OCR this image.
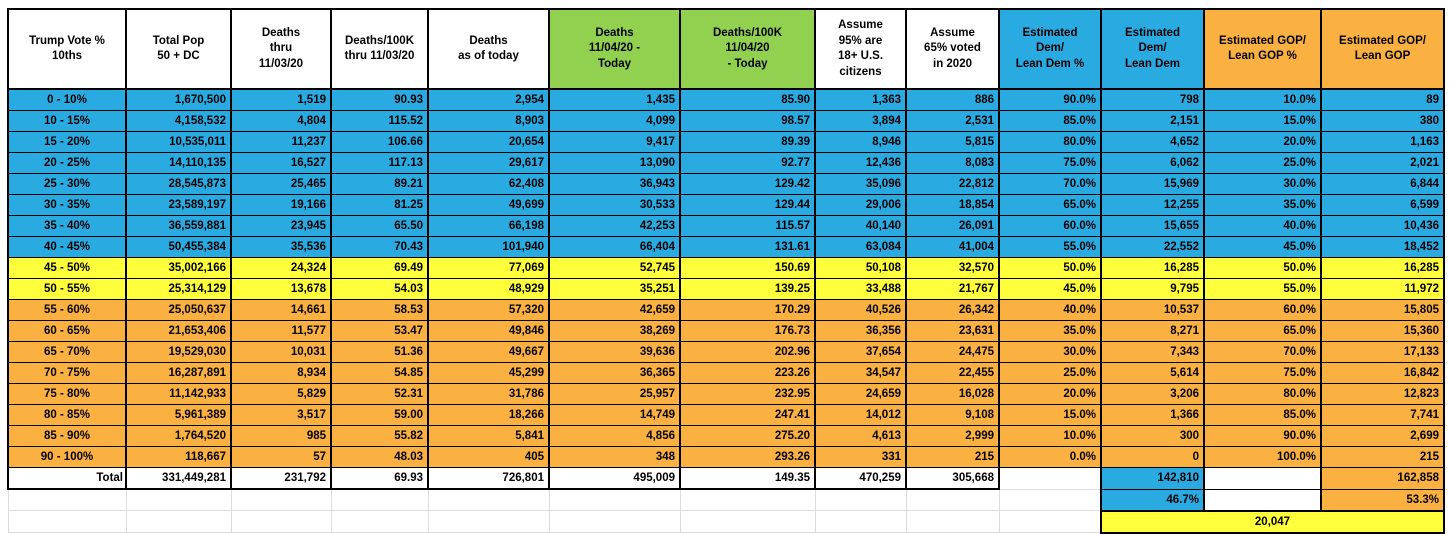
Trump Vote %
10ths

Total Pop
50 + DC

Deaths
thru
11/03/20

Deaths/100K
thru 11/03/20

Deaths
as of today

Deaths
11/04/20 -
Today

Deaths/100K
11/04/20
- Today

Assume
95% are
18+ U.S.
citizens

Assume
65% voted
in 2020

Estimated
Dem/
Lean Dem %

Estimated
Dem/
Lean Dem

Estimated GOP/
Lean GOP %

Estimated GOP/
Lean GOP

0 - 10%	1,670,500	1,519	90.93	2,954	1,435	85.90	1,363	886	90.0%	798	10.0%	89
10 - 15%	4,158,532	4,804	115.52	8,903	4,099	98.57	3,894	2,531	85.0%	2,151	15.0%	380
15 - 20%	10,535,011	11,237	106.66	20,654	9,417	89.39	8,946	5,815	80.0%	4,652	20.0%	1,163
20 - 25%	14,110,135	16,527	117.13	29,617	13,090	92.77	12,436	8,083	75.0%	6,062	25.0%	2,021
25 - 30%	28,545,873	25,465	89.21	62,408	36,943	129.42	35,096	22,812	70.0%	15,969	30.0%	6,844
30 - 35%	23,589,197	19,166	81.25	49,699	30,533	129.44	29,006	18,854	65.0%	12,255	35.0%	6,599
35 - 40%	36,559,881	23,945	65.50	66,198	42,253	115.57	40,140	26,091	60.0%	15,655	40.0%	10,436
40 - 45%	50,455,384	35,536	70.43	101,940	66,404	131.61	63,084	41,004	55.0%	22,552	45.0%	18,452
45 - 50%	35,002,166	24,324	69.49	77,069	52,745	150.69	50,108	32,570	50.0%	16,285	50.0%	16,285
50 - 55%	25,314,129	13,678	54.03	48,929	35,251	139.25	33,488	21,767	45.0%	9,795	55.0%	11,972
55 - 60%	25,050,637	14,661	58.53	57,320	42,659	170.29	40,526	26,342	40.0%	10,537	60.0%	15,805
60 - 65%	21,653,406	11,577	53.47	49,846	38,269	176.73	36,356	23,631	35.0%	8,271	65.0%	15,360
65 - 70%	19,529,030	10,031	51.36	49,667	39,636	202.96	37,654	24,475	30.0%	7,343	70.0%	17,133
70 - 75%	16,287,891	8,934	54.85	45,299	36,365	223.26	34,547	22,455	25.0%	5,614	75.0%	16,842
75 - 80%	11,142,933	5,829	52.31	31,786	25,957	232.95	24,659	16,028	20.0%	3,206	80.0%	12,823
80 - 85%	5,961,389	3,517	59.00	18,266	14,749	247.41	14,012	9,108	15.0%	1,366	85.0%	7,741
85 - 90%	1,764,520	985	55.82	5,841	4,856	275.20	4,613	2,999	10.0%	300	90.0%	2,699
90 - 100%	118,667	57	48.03	405	348	293.26	331	215	0.0%	0	100.0%	215
Total	331,449,281	231,792	69.93	726,801	495,009	149.35	470,259	305,668		142,810		162,858
										46.7%		53.3%
										20,047		
